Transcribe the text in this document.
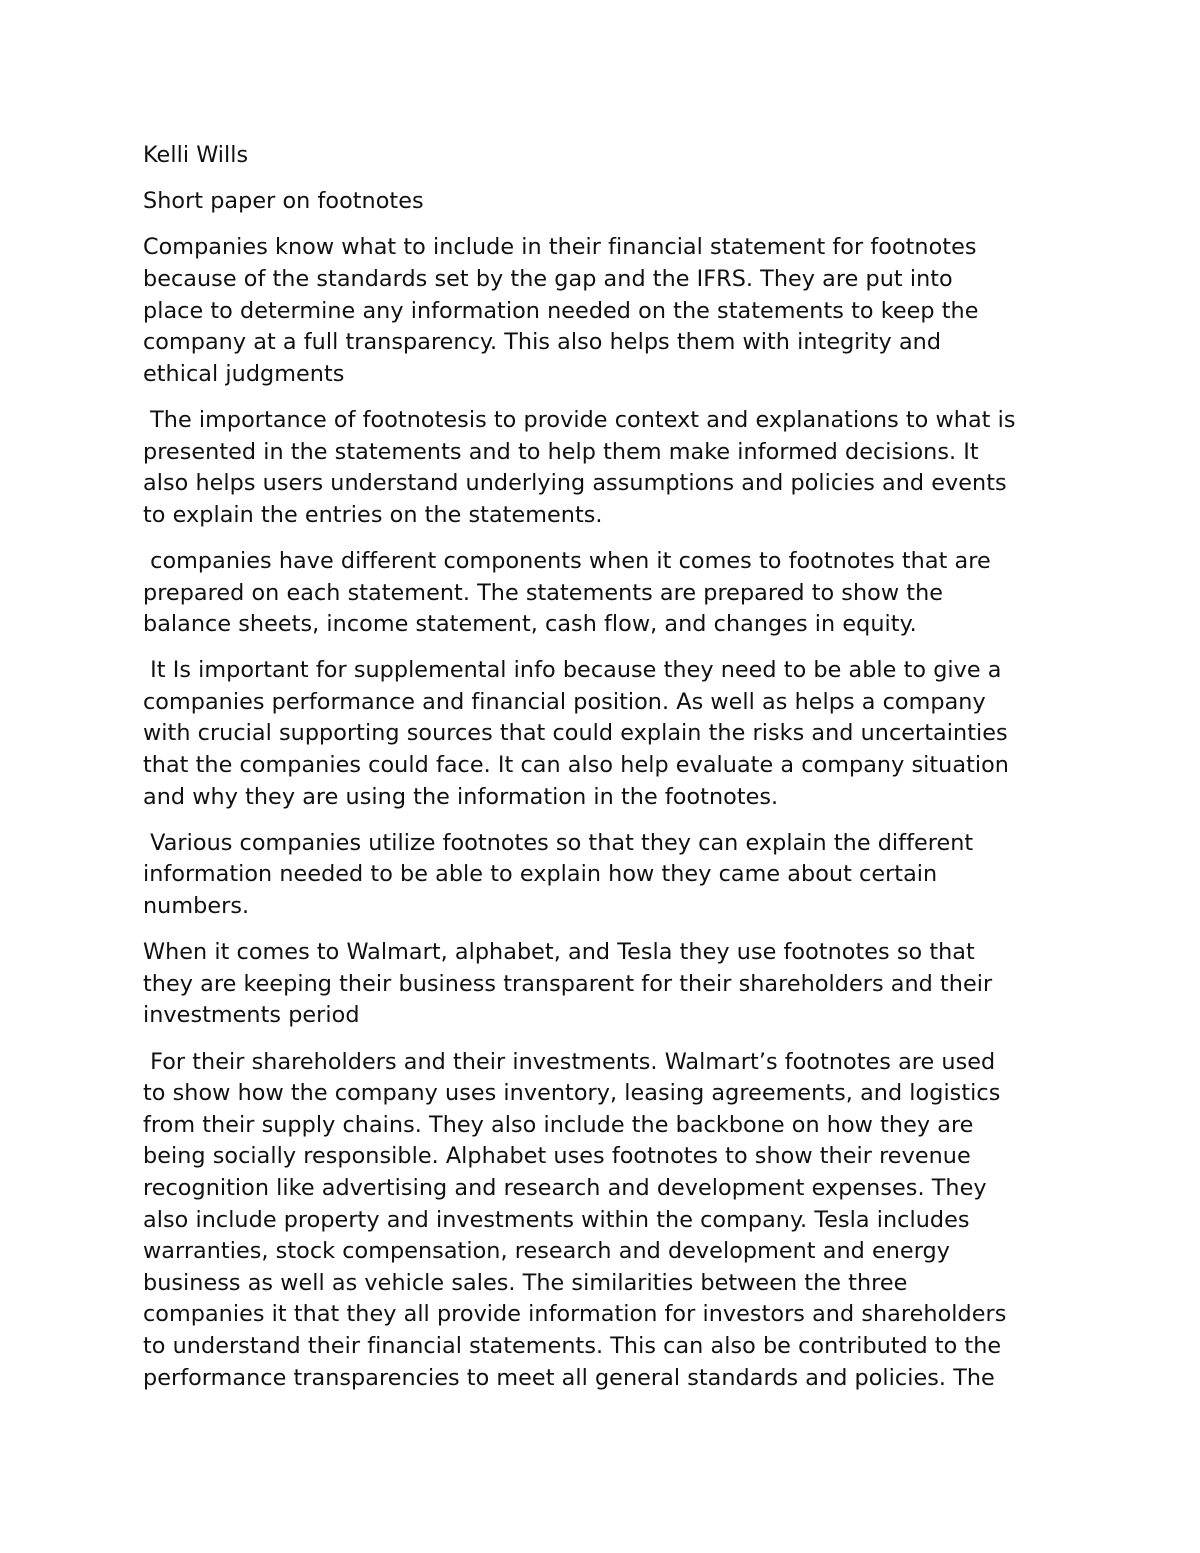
Kelli Wills
Short paper on footnotes
Companies know what to include in their financial statement for footnotes
because of the standards set by the gap and the IFRS. They are put into
place to determine any information needed on the statements to keep the
company at a full transparency. This also helps them with integrity and
ethical judgments
The importance of footnotesis to provide context and explanations to what is
presented in the statements and to help them make informed decisions. It
also helps users understand underlying assumptions and policies and events
to explain the entries on the statements.
companies have different components when it comes to footnotes that are
prepared on each statement. The statements are prepared to show the
balance sheets, income statement, cash flow, and changes in equity.
It Is important for supplemental info because they need to be able to give a
companies performance and financial position. As well as helps a company
with crucial supporting sources that could explain the risks and uncertainties
that the companies could face. It can also help evaluate a company situation
and why they are using the information in the footnotes.
Various companies utilize footnotes so that they can explain the different
information needed to be able to explain how they came about certain
numbers.
When it comes to Walmart, alphabet, and Tesla they use footnotes so that
they are keeping their business transparent for their shareholders and their
investments period
For their shareholders and their investments. Walmart’s footnotes are used
to show how the company uses inventory, leasing agreements, and logistics
from their supply chains. They also include the backbone on how they are
being socially responsible. Alphabet uses footnotes to show their revenue
recognition like advertising and research and development expenses. They
also include property and investments within the company. Tesla includes
warranties, stock compensation, research and development and energy
business as well as vehicle sales. The similarities between the three
companies it that they all provide information for investors and shareholders
to understand their financial statements. This can also be contributed to the
performance transparencies to meet all general standards and policies. The
